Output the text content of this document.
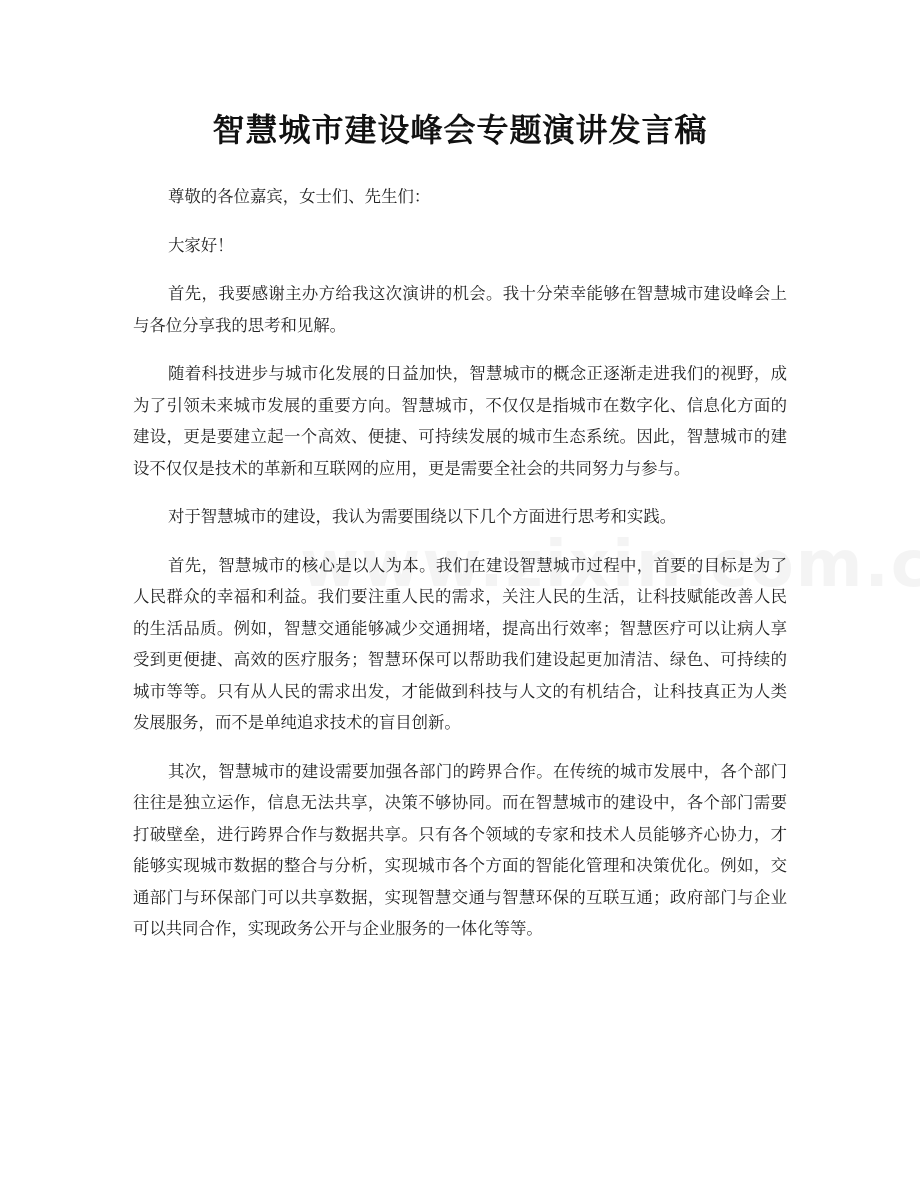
智慧城市建设峰会专题演讲发言稿

尊敬的各位嘉宾，女士们、先生们：

大家好！

首先，我要感谢主办方给我这次演讲的机会。我十分荣幸能够在智慧城市建设峰会上与各位分享我的思考和见解。

随着科技进步与城市化发展的日益加快，智慧城市的概念正逐渐走进我们的视野，成为了引领未来城市发展的重要方向。智慧城市，不仅仅是指城市在数字化、信息化方面的建设，更是要建立起一个高效、便捷、可持续发展的城市生态系统。因此，智慧城市的建设不仅仅是技术的革新和互联网的应用，更是需要全社会的共同努力与参与。

对于智慧城市的建设，我认为需要围绕以下几个方面进行思考和实践。

首先，智慧城市的核心是以人为本。我们在建设智慧城市过程中，首要的目标是为了人民群众的幸福和利益。我们要注重人民的需求，关注人民的生活，让科技赋能改善人民的生活品质。例如，智慧交通能够减少交通拥堵，提高出行效率；智慧医疗可以让病人享受到更便捷、高效的医疗服务；智慧环保可以帮助我们建设起更加清洁、绿色、可持续的城市等等。只有从人民的需求出发，才能做到科技与人文的有机结合，让科技真正为人类发展服务，而不是单纯追求技术的盲目创新。

其次，智慧城市的建设需要加强各部门的跨界合作。在传统的城市发展中，各个部门往往是独立运作，信息无法共享，决策不够协同。而在智慧城市的建设中，各个部门需要打破壁垒，进行跨界合作与数据共享。只有各个领域的专家和技术人员能够齐心协力，才能够实现城市数据的整合与分析，实现城市各个方面的智能化管理和决策优化。例如，交通部门与环保部门可以共享数据，实现智慧交通与智慧环保的互联互通；政府部门与企业可以共同合作，实现政务公开与企业服务的一体化等等。
